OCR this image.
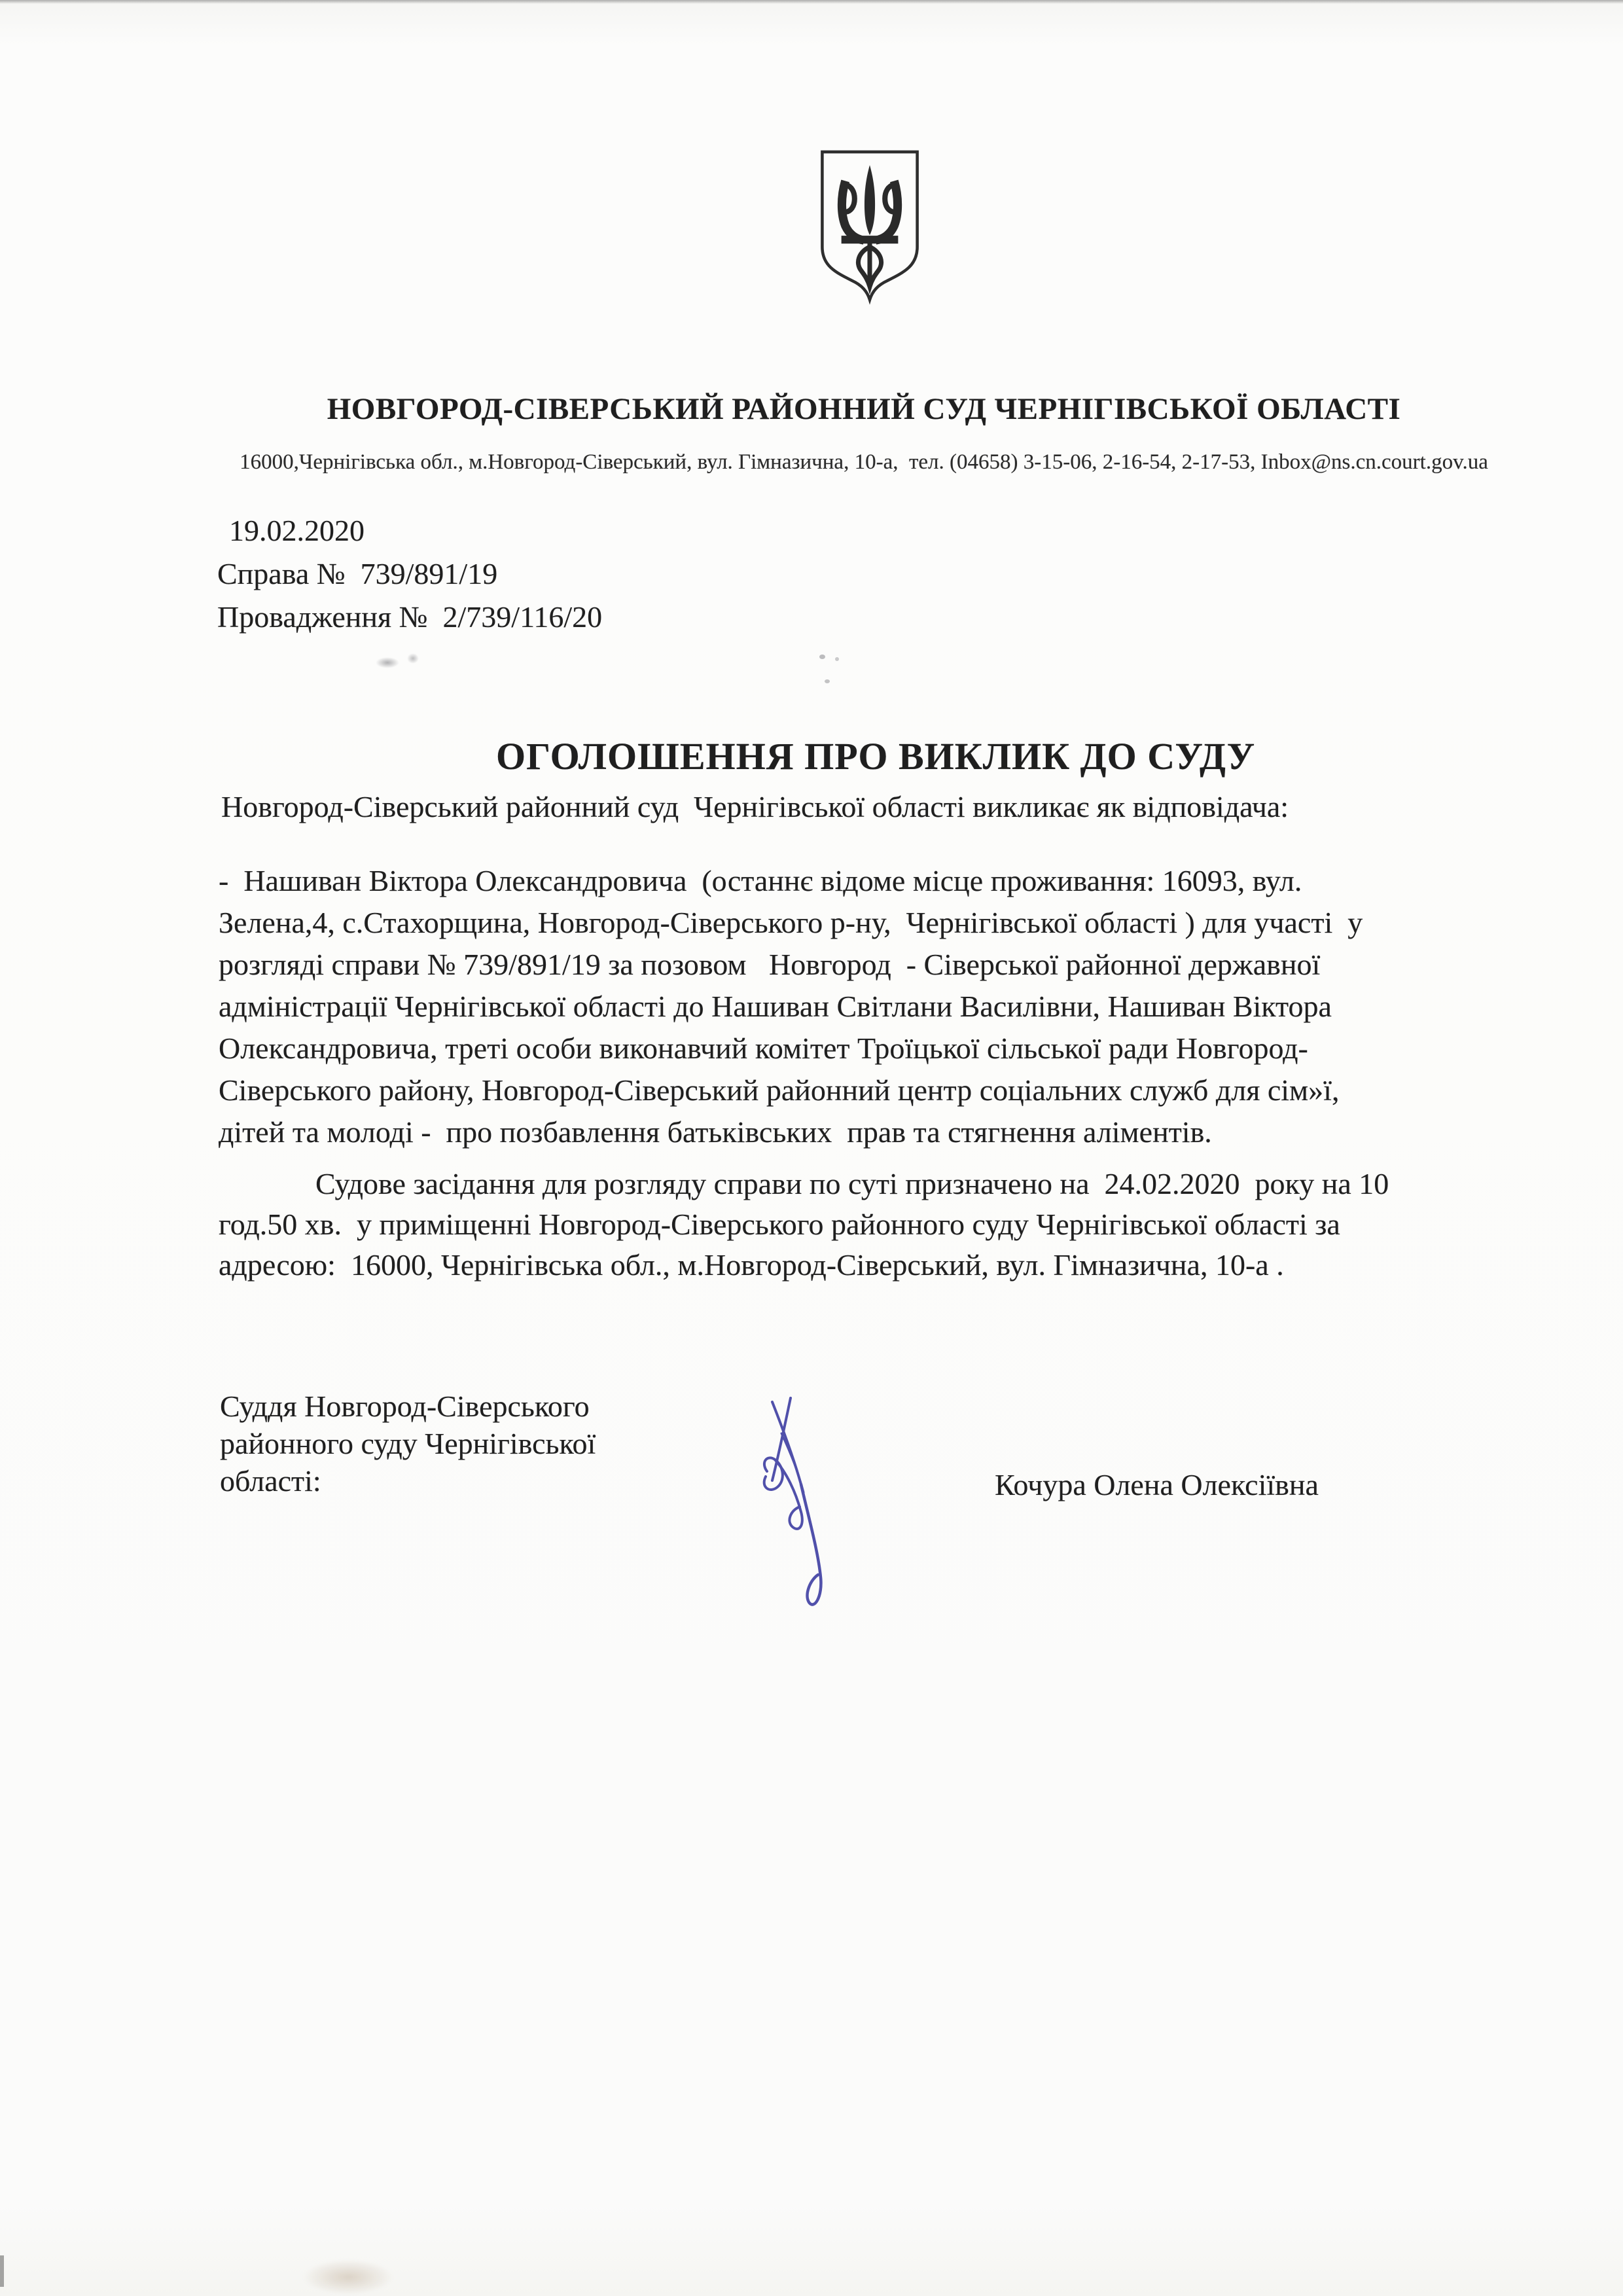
НОВГОРОД-СІВЕРСЬКИЙ РАЙОННИЙ СУД ЧЕРНІГІВСЬКОЇ ОБЛАСТІ
16000,Чернігівська обл., м.Новгород-Сіверський, вул. Гімназична, 10-а,  тел. (04658) 3-15-06, 2-16-54, 2-17-53, Inbox@ns.cn.court.gov.ua
19.02.2020
Справа №  739/891/19
Провадження №  2/739/116/20
ОГОЛОШЕННЯ ПРО ВИКЛИК ДО СУДУ
Новгород-Сіверський районний суд  Чернігівської області викликає як відповідача:
-  Нашиван Віктора Олександровича  (останнє відоме місце проживання: 16093, вул.
Зелена,4, с.Стахорщина, Новгород-Сіверського р-ну,  Чернігівської області ) для участі  у
розгляді справи № 739/891/19 за позовом   Новгород  - Сіверської районної державної
адміністрації Чернігівської області до Нашиван Світлани Василівни, Нашиван Віктора
Олександровича, треті особи виконавчий комітет Троїцької сільської ради Новгород-
Сіверського району, Новгород-Сіверський районний центр соціальних служб для сім»ї,
дітей та молоді -  про позбавлення батьківських  прав та стягнення аліментів.
Судове засідання для розгляду справи по суті призначено на  24.02.2020  року на 10
год.50 хв.  у приміщенні Новгород-Сіверського районного суду Чернігівської області за
адресою:  16000, Чернігівська обл., м.Новгород-Сіверський, вул. Гімназична, 10-а .
Суддя Новгород-Сіверського
районного суду Чернігівської
області:	Кочура Олена Олексіївна
